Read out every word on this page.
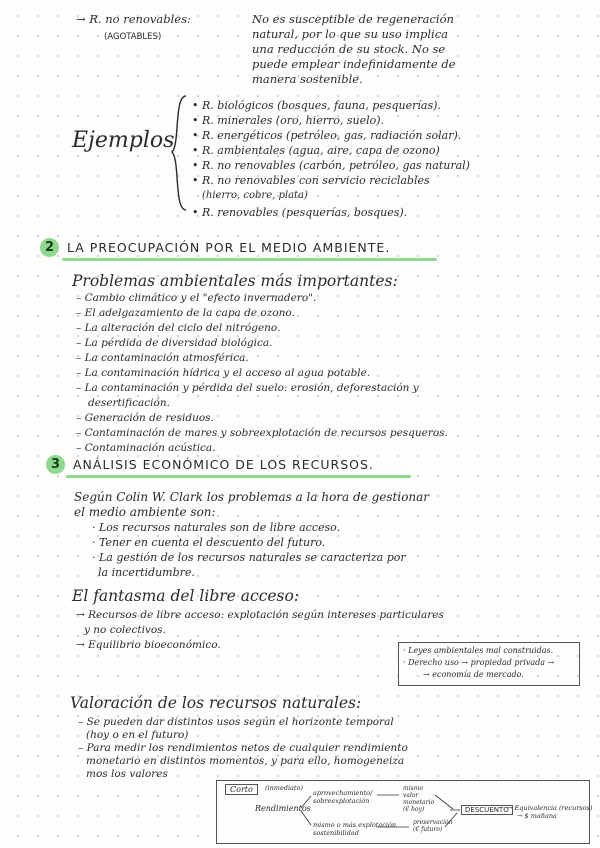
→ R. no renovables:
(AGOTABLES)
No es susceptible de regeneración
natural, por lo que su uso implica
una reducción de su stock. No se
puede emplear indefinidamente de
manera sostenible.
Ejemplos
• R. biológicos (bosques, fauna, pesquerías).
• R. minerales (oro, hierro, suelo).
• R. energéticos (petróleo, gas, radiación solar).
• R. ambientales (agua, aire, capa de ozono)
• R. no renovables (carbón, petróleo, gas natural)
• R. no renovables con servicio reciclables
(hierro, cobre, plata)
• R. renovables (pesquerías, bosques).
2	LA PREOCUPACIÓN POR EL MEDIO AMBIENTE.
Problemas ambientales más importantes:
– Cambio climático y el "efecto invernadero".
– El adelgazamiento de la capa de ozono.
– La alteración del ciclo del nitrógeno.
– La pérdida de diversidad biológica.
– La contaminación atmosférica.
– La contaminación hídrica y el acceso al agua potable.
– La contaminación y pérdida del suelo: erosión, deforestación y
desertificación.
– Generación de residuos.
– Contaminación de mares y sobreexplotación de recursos pesqueros.
– Contaminación acústica.
3	ANÁLISIS ECONÓMICO DE LOS RECURSOS.
Según Colin W. Clark los problemas a la hora de gestionar
el medio ambiente son:
· Los recursos naturales son de libre acceso.
· Tener en cuenta el descuento del futuro.
· La gestión de los recursos naturales se caracteriza por
la incertidumbre.
El fantasma del libre acceso:
→ Recursos de libre acceso: explotación según intereses particulares
y no colectivos.
→ Equilibrio bioeconómico.	· Leyes ambientales mal construidas.
· Derecho uso → propiedad privada →
→ economía de mercado.
Valoración de los recursos naturales:
– Se pueden dar distintos usos según el horizonte temporal
(hoy o en el futuro)
– Para medir los rendimientos netos de cualquier rendimiento
monetario en distintos momentos, y para ello, homogeneiza
mos los valores
Corto	(inmediato)
Rendimientos
aprovechamiento/
sobreexplotación
mismo
valor
monetario
(€ hoy)
mismo o más explotación
sostenibilidad
preservación
(€ futuro)
DESCUENTO
→ Equivalencia (recursos)
→ $ mañana
